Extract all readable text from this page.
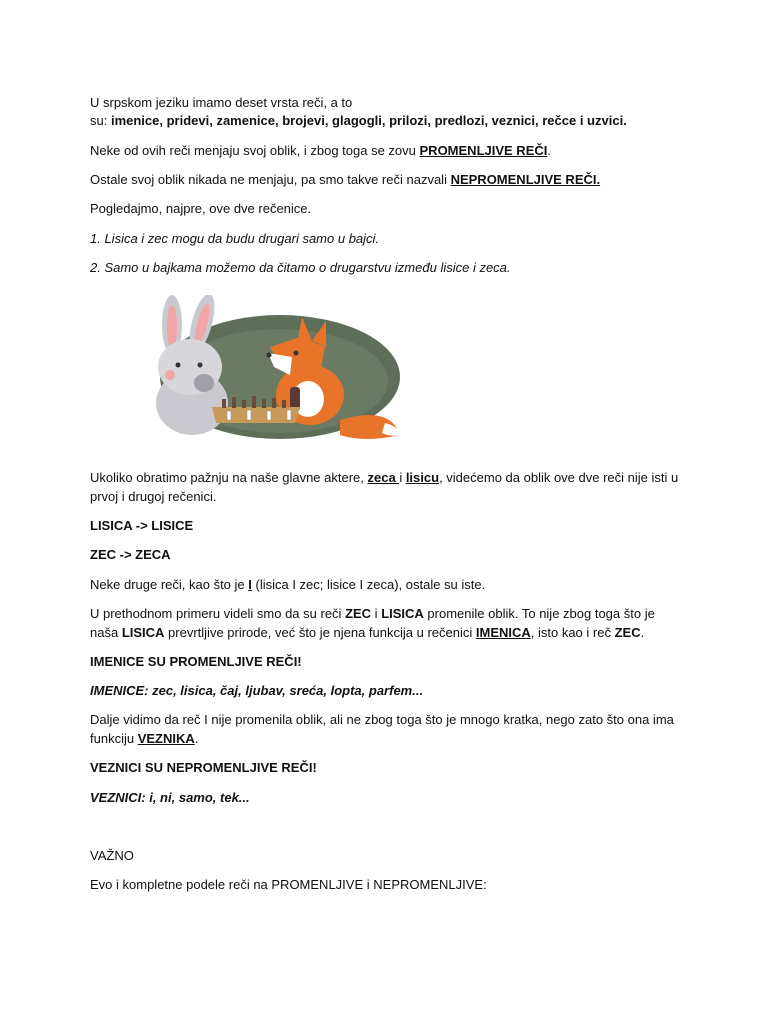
U srpskom jeziku imamo deset vrsta reči, a to
su: imenice, pridevi, zamenice, brojevi, glagogli, prilozi, predlozi, veznici, rečce i uzvici.
Neke od ovih reči menjaju svoj oblik, i zbog toga se zovu PROMENLJIVE REČI.
Ostale svoj oblik nikada ne menjaju, pa smo takve reči nazvali NEPROMENLJIVE REČI.
Pogledajmo, najpre, ove dve rečenice.
1. Lisica i zec mogu da budu drugari samo u bajci.
2. Samo u bajkama možemo da čitamo o drugarstvu između lisice i zeca.
Ukoliko obratimo pažnju na naše glavne aktere, zeca i lisicu, videćemo da oblik ove dve reči nije isti u
prvoj i drugoj rečenici.
LISICA -> LISICE
ZEC -> ZECA
Neke druge reči, kao što je I (lisica I zec; lisice I zeca), ostale su iste.
U prethodnom primeru videli smo da su reči ZEC i LISICA promenile oblik. To nije zbog toga što je
naša LISICA prevrtljive prirode, već što je njena funkcija u rečenici IMENICA, isto kao i reč ZEC.
IMENICE SU PROMENLJIVE REČI!
IMENICE: zec, lisica, čaj, ljubav, sreća, lopta, parfem...
Dalje vidimo da reč I nije promenila oblik, ali ne zbog toga što je mnogo kratka, nego zato što ona ima
funkciju VEZNIKA.
VEZNICI SU NEPROMENLJIVE REČI!
VEZNICI: i, ni, samo, tek...
VAŽNO
Evo i kompletne podele reči na PROMENLJIVE i NEPROMENLJIVE:
